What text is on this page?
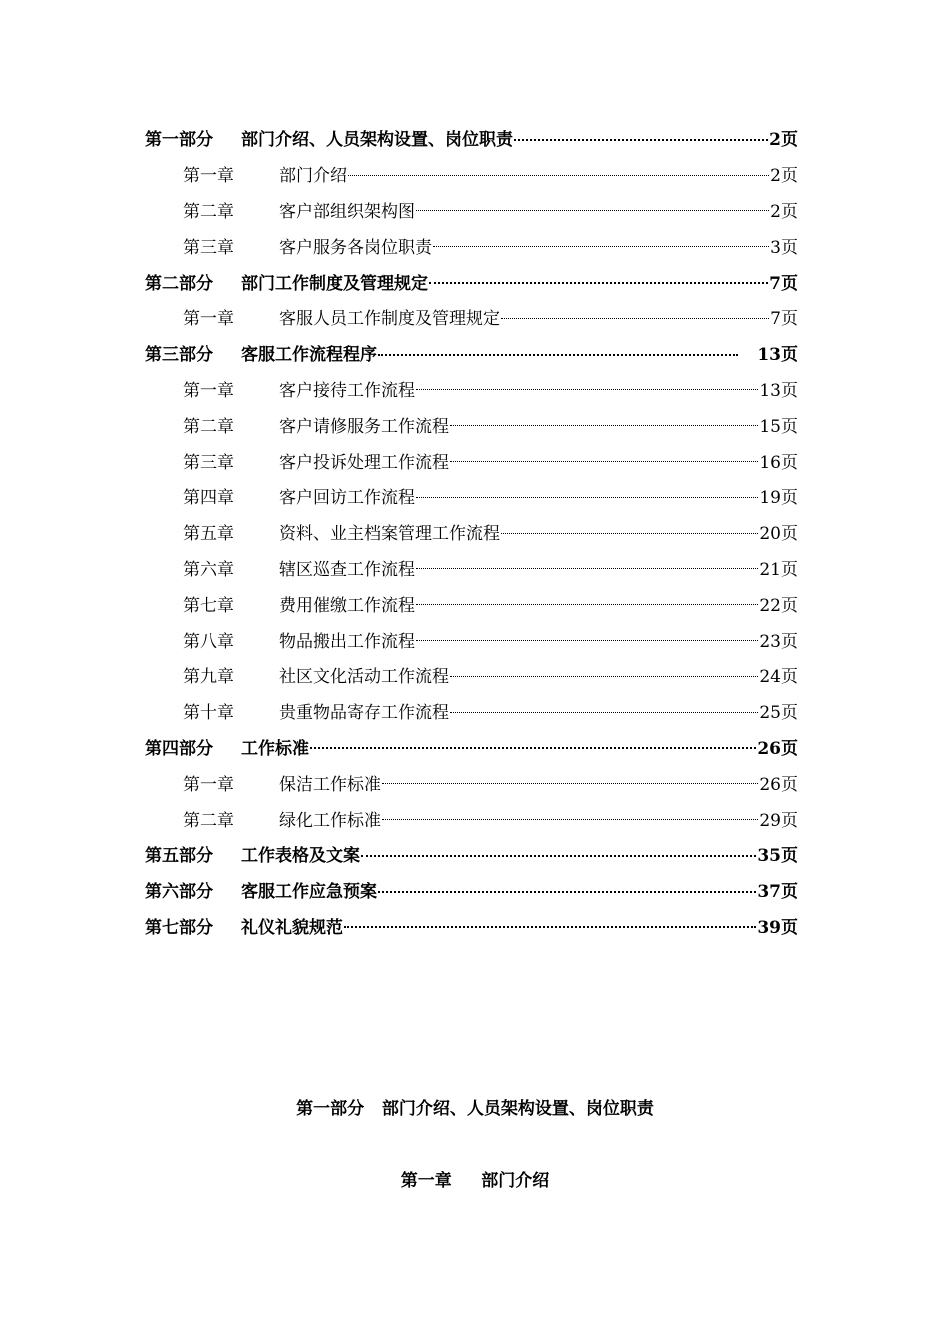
第一部分	部门介绍、人员架构设置、岗位职责	2页
第一章	部门介绍	2页
第二章	客户部组织架构图	2页
第三章	客户服务各岗位职责	3页
第二部分	部门工作制度及管理规定	7页
第一章	客服人员工作制度及管理规定	7页
第三部分	客服工作流程程序	13页
第一章	客户接待工作流程	13页
第二章	客户请修服务工作流程	15页
第三章	客户投诉处理工作流程	16页
第四章	客户回访工作流程	19页
第五章	资料、业主档案管理工作流程	20页
第六章	辖区巡查工作流程	21页
第七章	费用催缴工作流程	22页
第八章	物品搬出工作流程	23页
第九章	社区文化活动工作流程	24页
第十章	贵重物品寄存工作流程	25页
第四部分	工作标准	26页
第一章	保洁工作标准	26页
第二章	绿化工作标准	29页
第五部分	工作表格及文案	35页
第六部分	客服工作应急预案	37页
第七部分	礼仪礼貌规范	39页
第一部分   部门介绍、人员架构设置、岗位职责
第一章     部门介绍
